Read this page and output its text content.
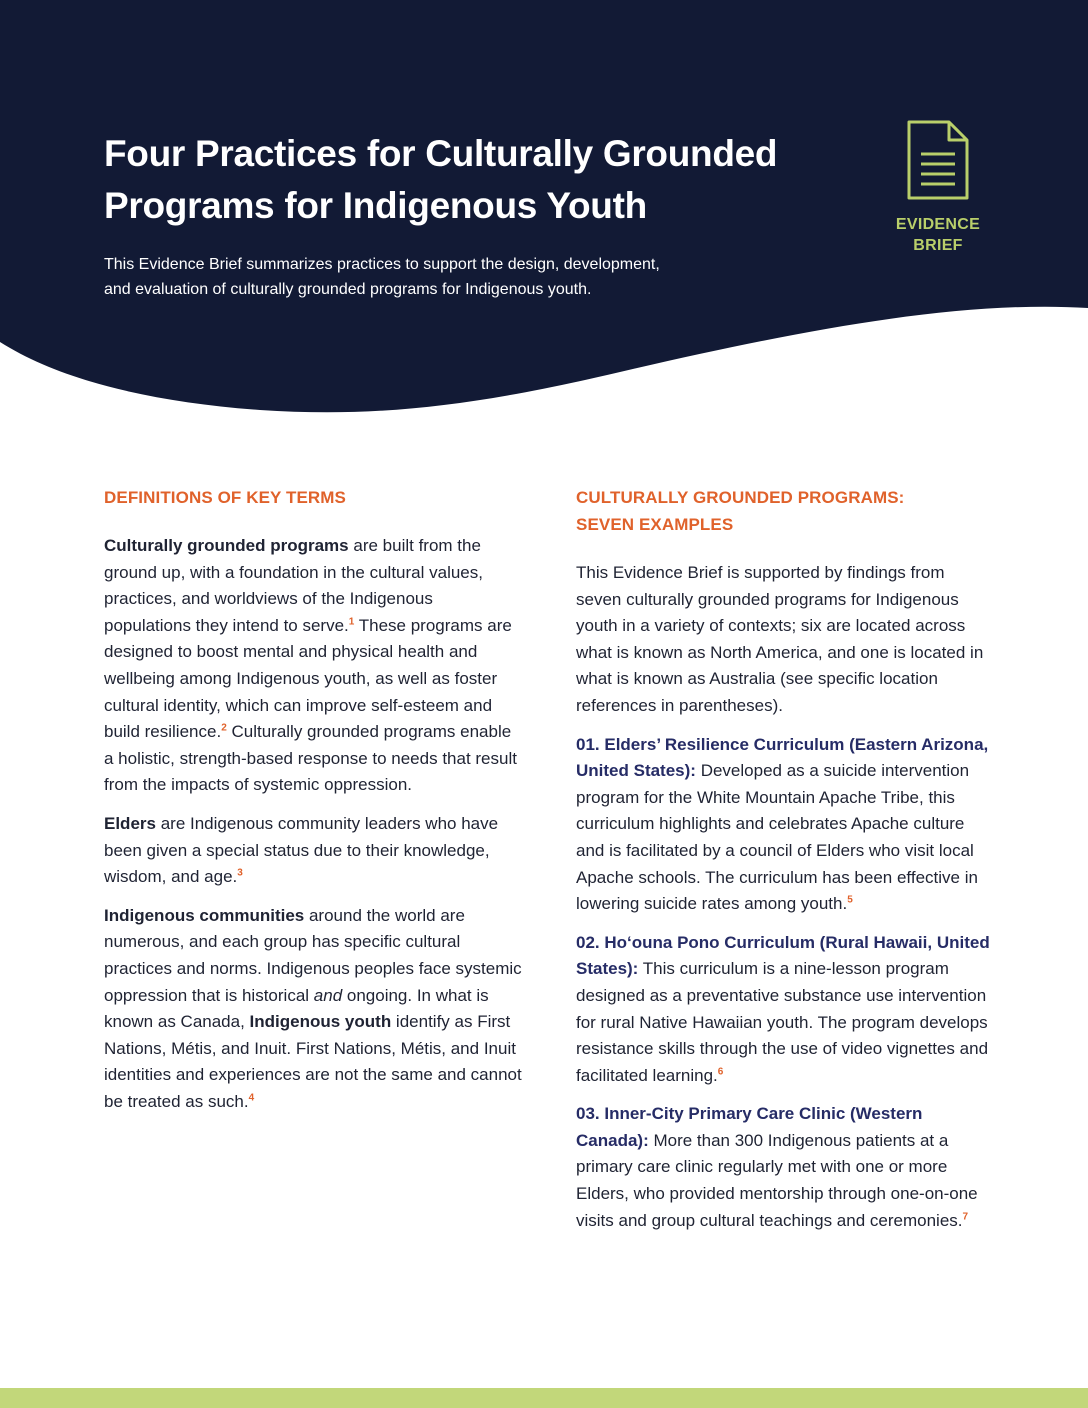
Four Practices for Culturally Grounded
Programs for Indigenous Youth

This Evidence Brief summarizes practices to support the design, development,
and evaluation of culturally grounded programs for Indigenous youth.

EVIDENCE
BRIEF
DEFINITIONS OF KEY TERMS

Culturally grounded programs are built from the ground up, with a foundation in the cultural values, practices, and worldviews of the Indigenous populations they intend to serve.$^1$ These programs are designed to boost mental and physical health and wellbeing among Indigenous youth, as well as foster cultural identity, which can improve self-esteem and build resilience.$^2$ Culturally grounded programs enable a holistic, strength-based response to needs that result from the impacts of systemic oppression.

Elders are Indigenous community leaders who have been given a special status due to their knowledge, wisdom, and age.$^3$

Indigenous communities around the world are numerous, and each group has specific cultural practices and norms. Indigenous peoples face systemic oppression that is historical and ongoing. In what is known as Canada, Indigenous youth identify as First Nations, Métis, and Inuit. First Nations, Métis, and Inuit identities and experiences are not the same and cannot be treated as such.$^4$

CULTURALLY GROUNDED PROGRAMS:
SEVEN EXAMPLES

This Evidence Brief is supported by findings from seven culturally grounded programs for Indigenous youth in a variety of contexts; six are located across what is known as North America, and one is located in what is known as Australia (see specific location references in parentheses).

01. Elders’ Resilience Curriculum (Eastern Arizona, United States): Developed as a suicide intervention program for the White Mountain Apache Tribe, this curriculum highlights and celebrates Apache culture and is facilitated by a council of Elders who visit local Apache schools. The curriculum has been effective in lowering suicide rates among youth.$^5$

02. Ho‘ouna Pono Curriculum (Rural Hawaii, United States): This curriculum is a nine-lesson program designed as a preventative substance use intervention for rural Native Hawaiian youth. The program develops resistance skills through the use of video vignettes and facilitated learning.$^6$

03. Inner-City Primary Care Clinic (Western Canada): More than 300 Indigenous patients at a primary care clinic regularly met with one or more Elders, who provided mentorship through one-on-one visits and group cultural teachings and ceremonies.$^7$
